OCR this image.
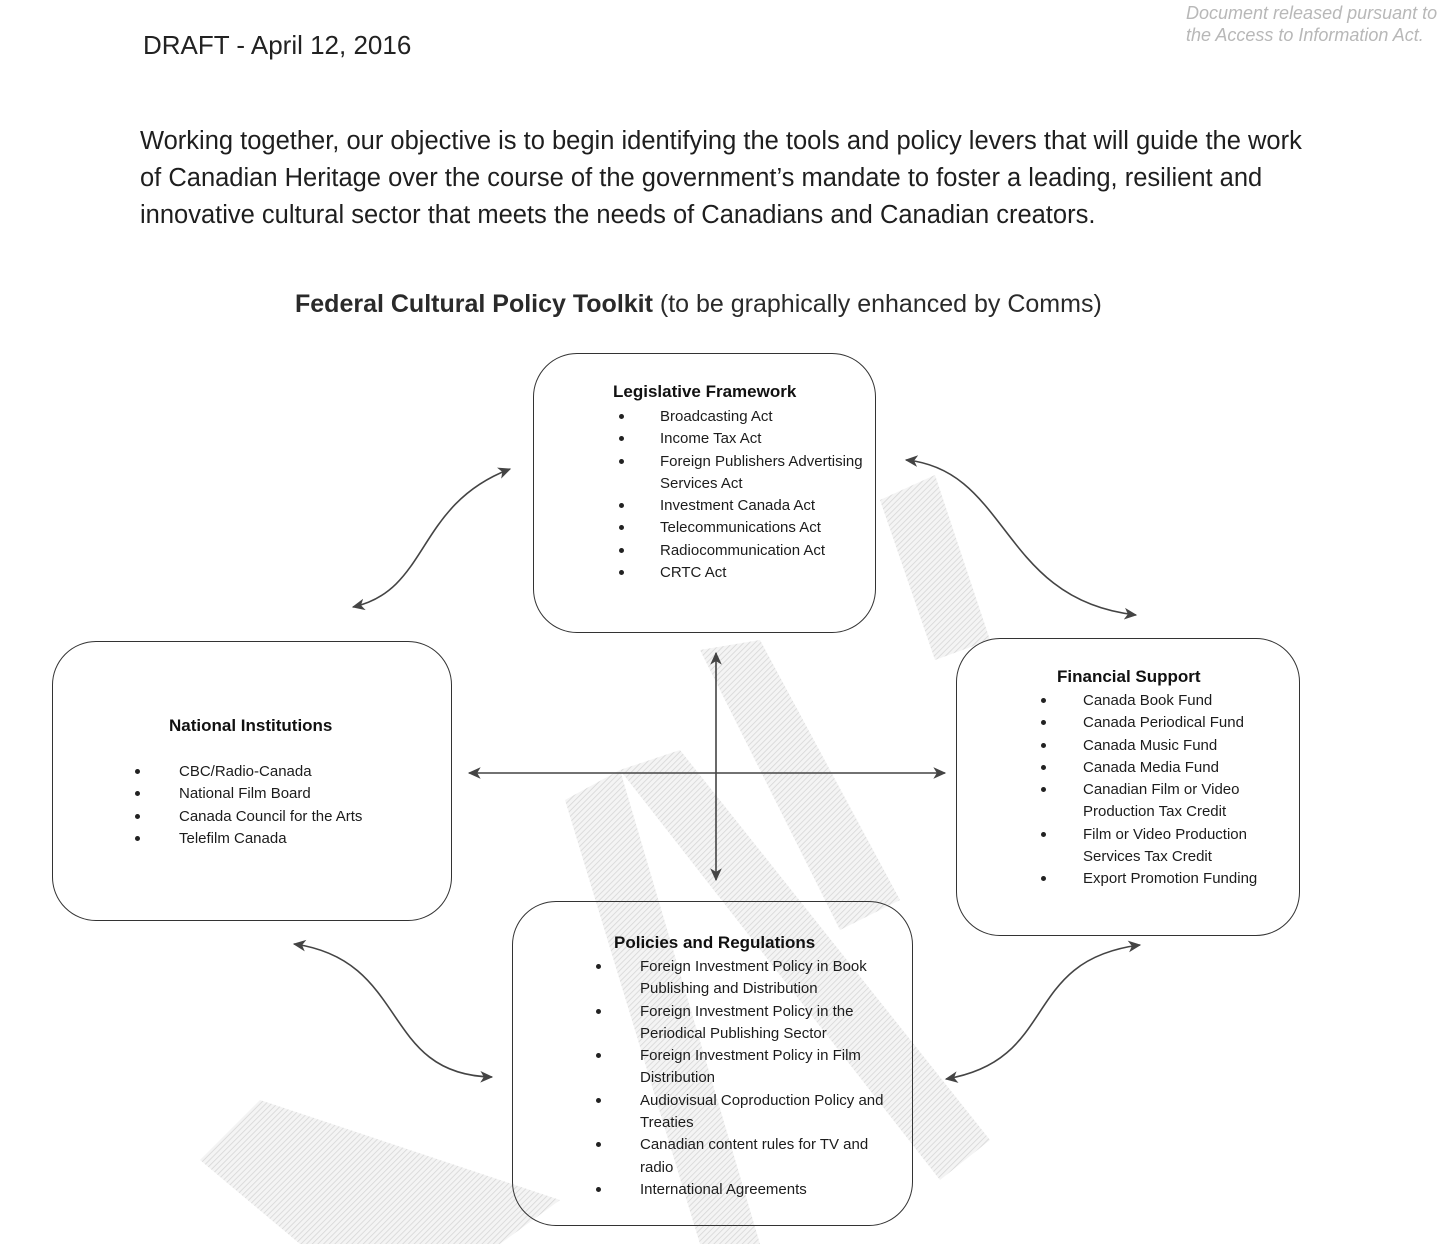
Document released pursuant to
the Access to Information Act.
DRAFT - April 12, 2016
Working together, our objective is to begin identifying the tools and policy levers that will guide the work of Canadian Heritage over the course of the government’s mandate to foster a leading, resilient and innovative cultural sector that meets the needs of Canadians and Canadian creators.
Federal Cultural Policy Toolkit (to be graphically enhanced by Comms)
Legislative Framework
Broadcasting Act
Income Tax Act
Foreign Publishers Advertising Services Act
Investment Canada Act
Telecommunications Act
Radiocommunication Act
CRTC Act
National Institutions
CBC/Radio-Canada
National Film Board
Canada Council for the Arts
Telefilm Canada
Financial Support
Canada Book Fund
Canada Periodical Fund
Canada Music Fund
Canada Media Fund
Canadian Film or Video Production Tax Credit
Film or Video Production Services Tax Credit
Export Promotion Funding
Policies and Regulations
Foreign Investment Policy in Book Publishing and Distribution
Foreign Investment Policy in the Periodical Publishing Sector
Foreign Investment Policy in Film Distribution
Audiovisual Coproduction Policy and Treaties
Canadian content rules for TV and radio
International Agreements
